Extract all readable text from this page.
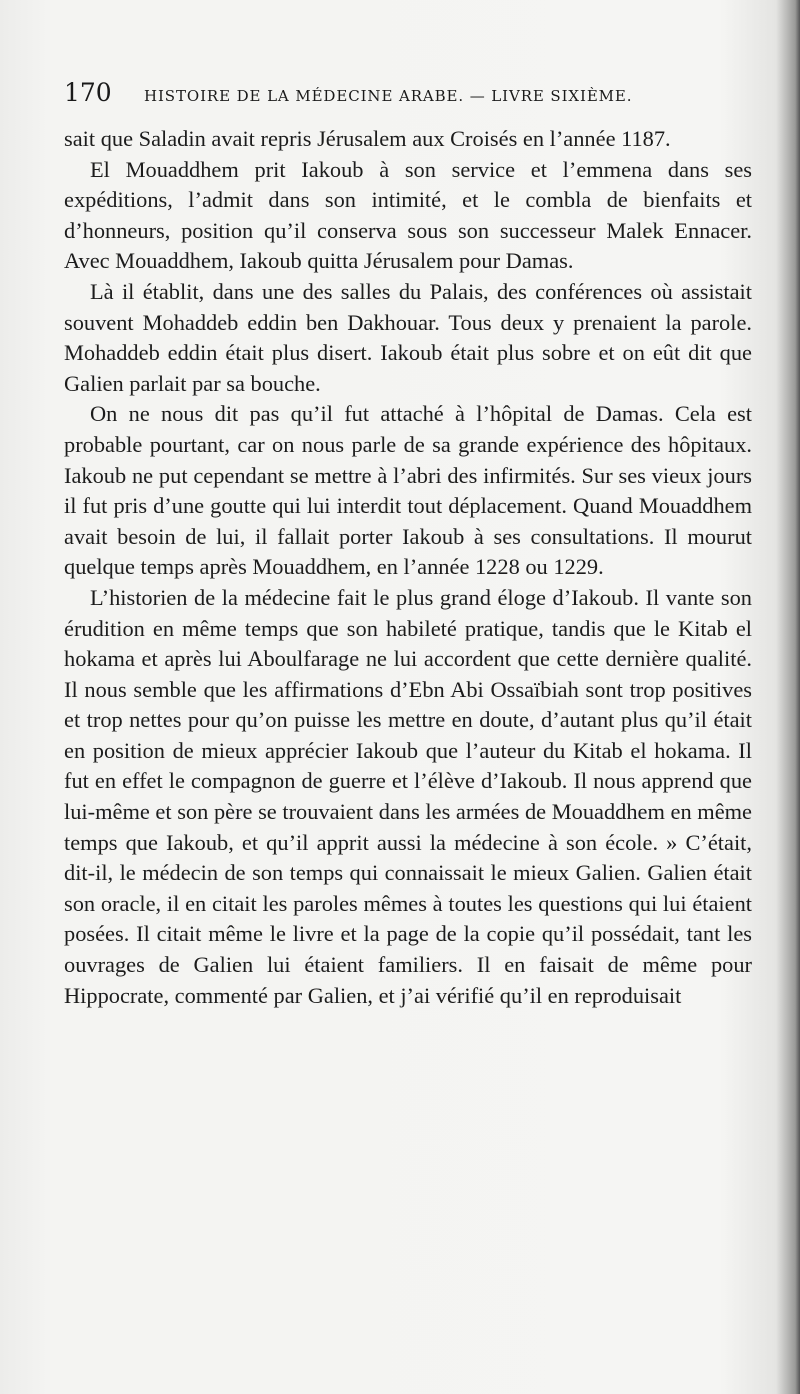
170 HISTOIRE DE LA MÉDECINE ARABE. — LIVRE SIXIÈME.

sait que Saladin avait repris Jérusalem aux Croisés en l’année 1187.

El Mouaddhem prit Iakoub à son service et l’emmena dans ses expéditions, l’admit dans son intimité, et le combla de bienfaits et d’honneurs, position qu’il conserva sous son successeur Malek Ennacer. Avec Mouaddhem, Iakoub quitta Jérusalem pour Damas.

Là il établit, dans une des salles du Palais, des conférences où assistait souvent Mohaddeb eddin ben Dakhouar. Tous deux y prenaient la parole. Mohaddeb eddin était plus disert. Iakoub était plus sobre et on eût dit que Galien parlait par sa bouche.

On ne nous dit pas qu’il fut attaché à l’hôpital de Damas. Cela est probable pourtant, car on nous parle de sa grande expérience des hôpitaux. Iakoub ne put cependant se mettre à l’abri des infirmités. Sur ses vieux jours il fut pris d’une goutte qui lui interdit tout déplacement. Quand Mouaddhem avait besoin de lui, il fallait porter Iakoub à ses consultations. Il mourut quelque temps après Mouaddhem, en l’année 1228 ou 1229.

L’historien de la médecine fait le plus grand éloge d’Iakoub. Il vante son érudition en même temps que son habileté pratique, tandis que le Kitab el hokama et après lui Aboulfarage ne lui accordent que cette dernière qualité. Il nous semble que les affirmations d’Ebn Abi Ossaïbiah sont trop positives et trop nettes pour qu’on puisse les mettre en doute, d’autant plus qu’il était en position de mieux apprécier Iakoub que l’auteur du Kitab el hokama. Il fut en effet le compagnon de guerre et l’élève d’Iakoub. Il nous apprend que lui-même et son père se trouvaient dans les armées de Mouaddhem en même temps que Iakoub, et qu’il apprit aussi la médecine à son école. » C’était, dit-il, le médecin de son temps qui connaissait le mieux Galien. Galien était son oracle, il en citait les paroles mêmes à toutes les questions qui lui étaient posées. Il citait même le livre et la page de la copie qu’il possédait, tant les ouvrages de Galien lui étaient familiers. Il en faisait de même pour Hippocrate, commenté par Galien, et j’ai vérifié qu’il en reproduisait
